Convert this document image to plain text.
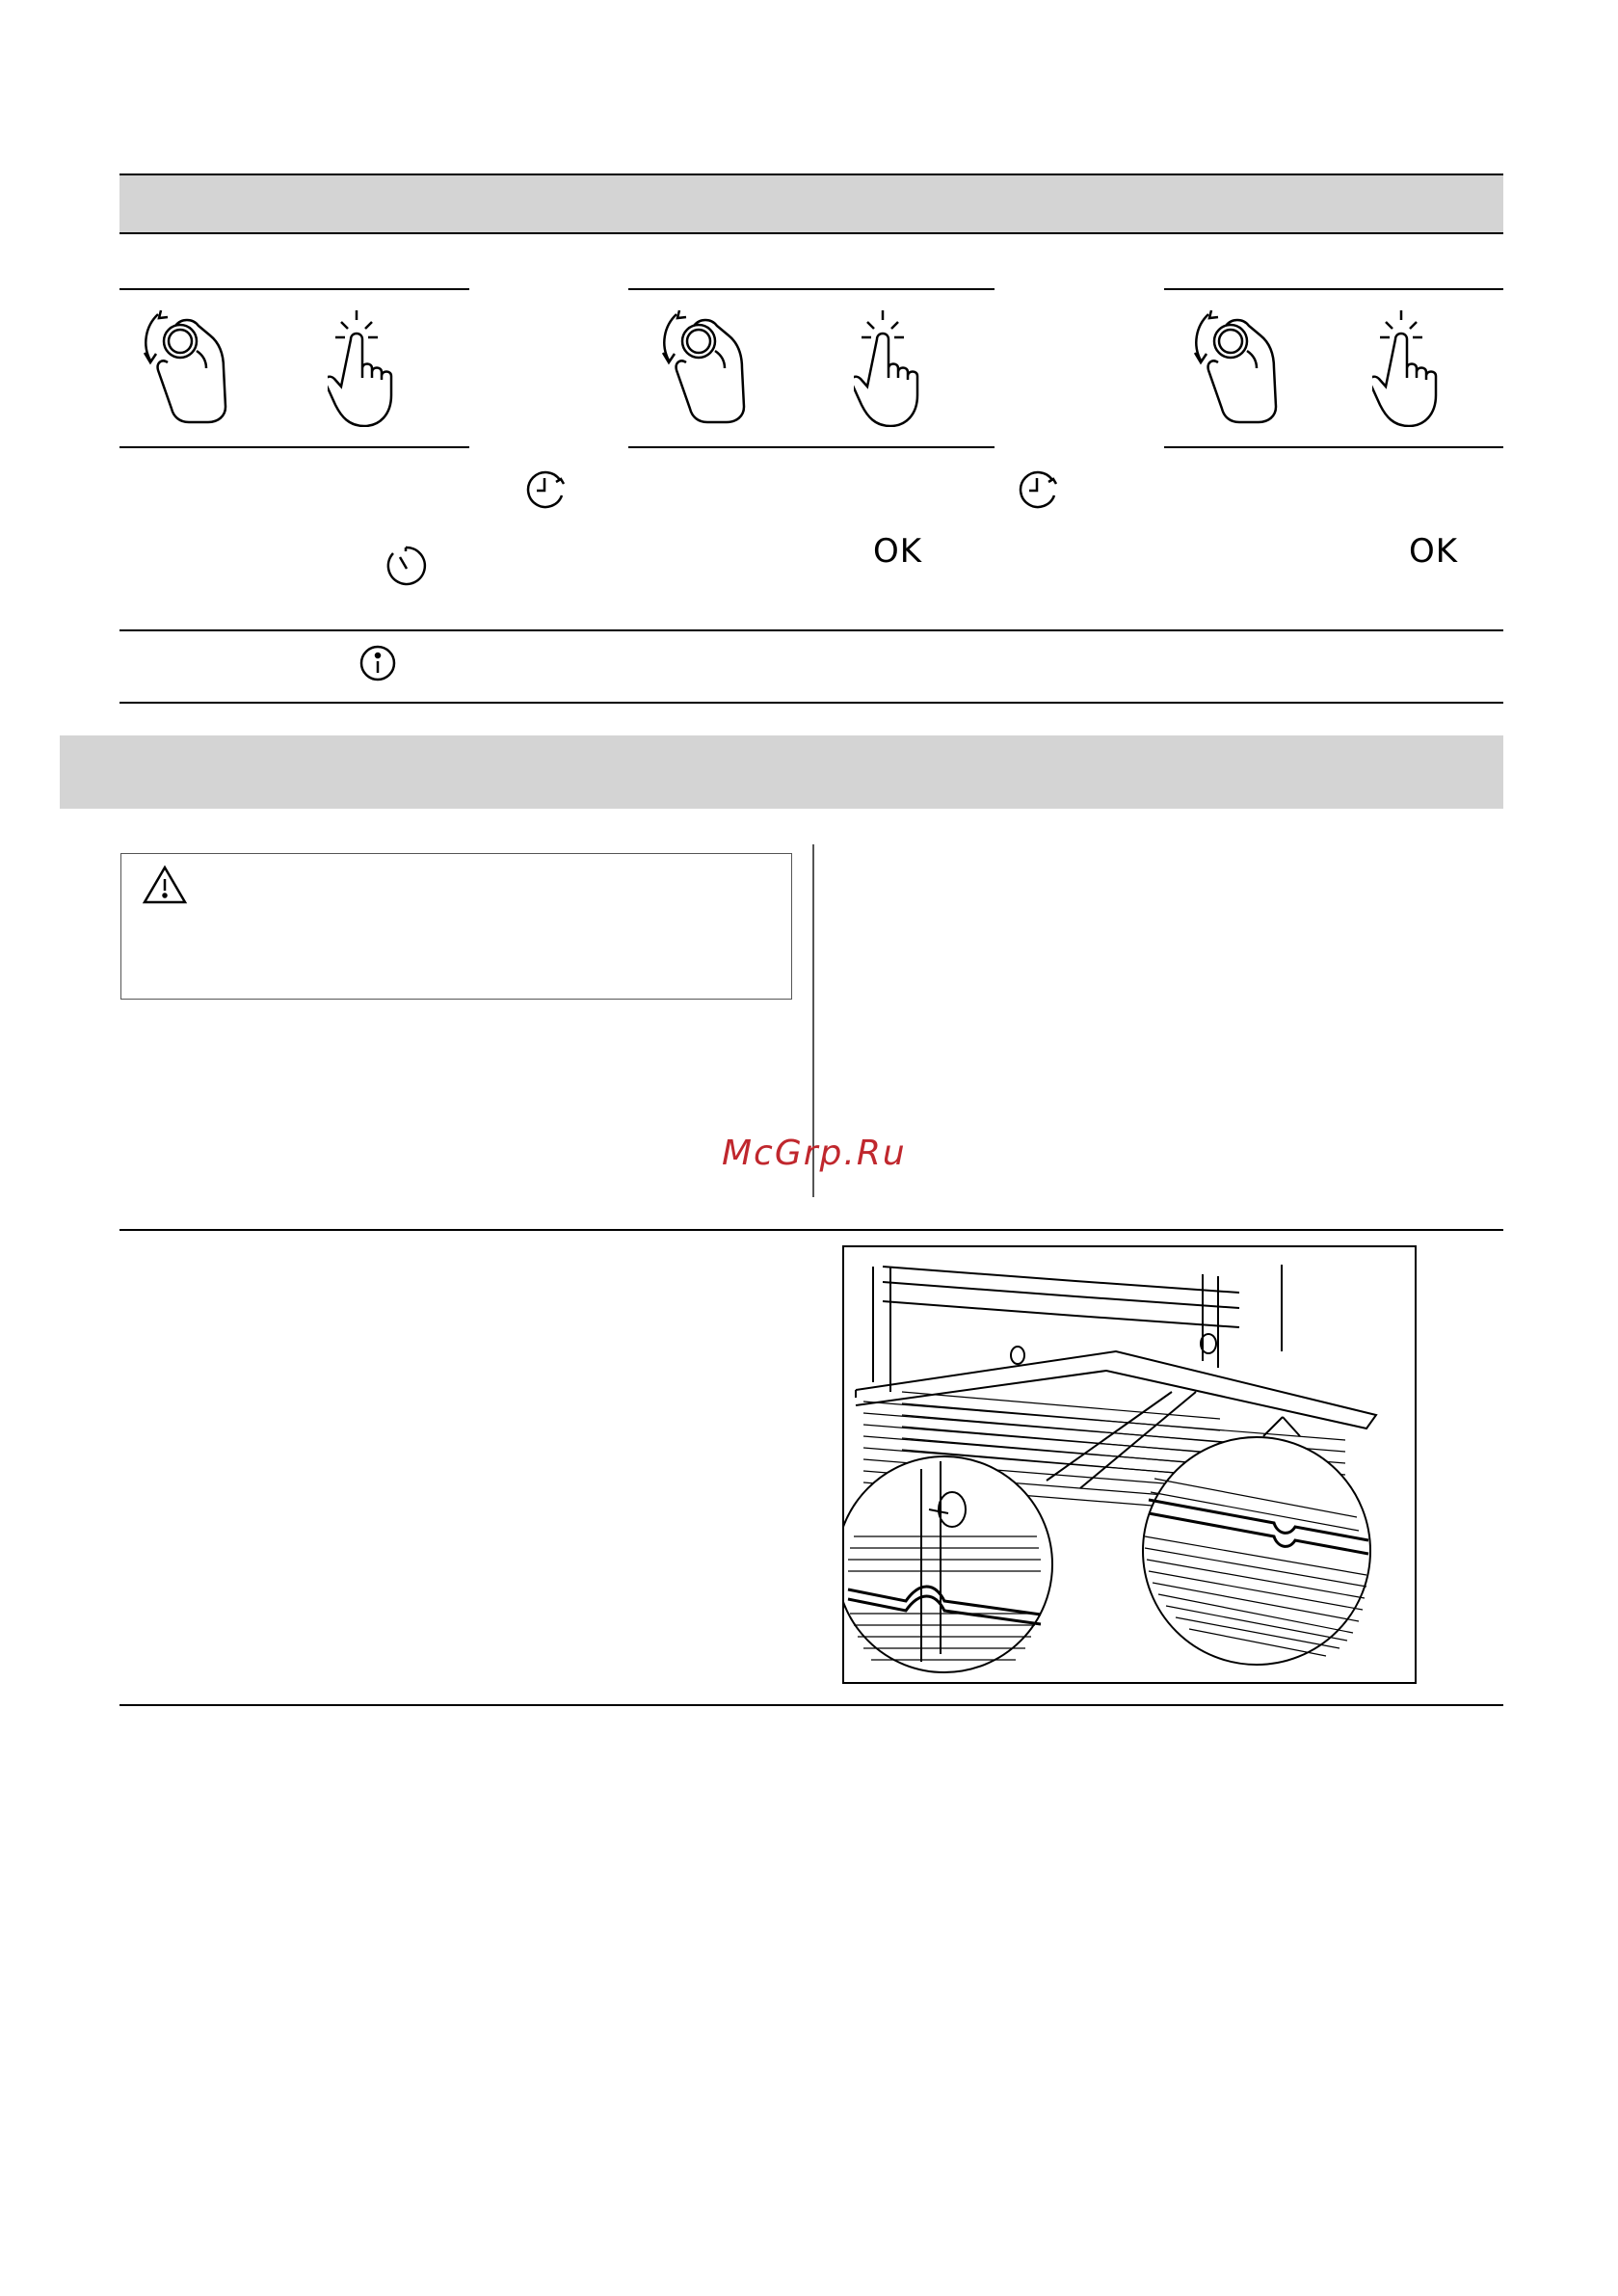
OK	OK
McGrp.Ru
